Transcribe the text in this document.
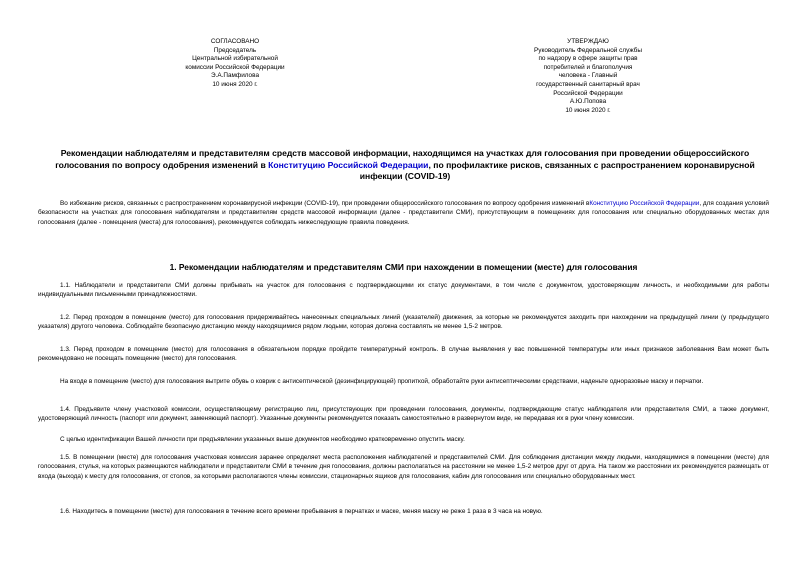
СОГЛАСОВАНО
Председатель
Центральной избирательной
комиссии Российской Федерации
Э.А.Памфилова
10 июня 2020 г.
УТВЕРЖДАЮ
Руководитель Федеральной службы
по надзору в сфере защиты прав
потребителей и благополучия
человека - Главный
государственный санитарный врач
Российской Федерации
А.Ю.Попова
10 июня 2020 г.
Рекомендации наблюдателям и представителям средств массовой информации, находящимся на участках для голосования при проведении общероссийского голосования по вопросу одобрения изменений в Конституцию Российской Федерации, по профилактике рисков, связанных с распространением коронавирусной инфекции (COVID-19)
Во избежание рисков, связанных с распространением коронавирусной инфекции (COVID-19), при проведении общероссийского голосования по вопросу одобрения изменений вКонституцию Российской Федерации, для создания условий безопасности на участках для голосования наблюдателям и представителям средств массовой информации (далее - представители СМИ), присутствующим в помещениях для голосования или специально оборудованных местах для голосования (далее - помещения (места) для голосования), рекомендуется соблюдать нижеследующие правила поведения.
1. Рекомендации наблюдателям и представителям СМИ при нахождении в помещении (месте) для голосования
1.1. Наблюдатели и представители СМИ должны прибывать на участок для голосования с подтверждающими их статус документами, в том числе с документом, удостоверяющим личность, и необходимыми для работы индивидуальными письменными принадлежностями.
1.2. Перед проходом в помещение (место) для голосования придерживайтесь нанесенных специальных линий (указателей) движения, за которые не рекомендуется заходить при нахождении на предыдущей линии (у предыдущего указателя) другого человека. Соблюдайте безопасную дистанцию между находящимися рядом людьми, которая должна составлять не менее 1,5-2 метров.
1.3. Перед проходом в помещение (место) для голосования в обязательном порядке пройдите температурный контроль. В случае выявления у вас повышенной температуры или иных признаков заболевания Вам может быть рекомендовано не посещать помещение (место) для голосования.
На входе в помещение (место) для голосования вытрите обувь о коврик с антисептической (дезинфицирующей) пропиткой, обработайте руки антисептическими средствами, наденьте одноразовые маску и перчатки.
1.4. Предъявите члену участковой комиссии, осуществляющему регистрацию лиц, присутствующих при проведении голосования, документы, подтверждающие статус наблюдателя или представителя СМИ, а также документ, удостоверяющий личность (паспорт или документ, заменяющий паспорт). Указанные документы рекомендуется показать самостоятельно в развернутом виде, не передавая их в руки члену комиссии.
С целью идентификации Вашей личности при предъявлении указанных выше документов необходимо кратковременно опустить маску.
1.5. В помещении (месте) для голосования участковая комиссия заранее определяет места расположения наблюдателей и представителей СМИ. Для соблюдения дистанции между людьми, находящимися в помещении (месте) для голосования, стулья, на которых размещаются наблюдатели и представители СМИ в течение дня голосования, должны располагаться на расстоянии не менее 1,5-2 метров друг от друга. На таком же расстоянии их рекомендуется размещать от входа (выхода) к месту для голосования, от столов, за которыми располагаются члены комиссии, стационарных ящиков для голосования, кабин для голосования или специально оборудованных мест.
1.6. Находитесь в помещении (месте) для голосования в течение всего времени пребывания в перчатках и маске, меняя маску не реже 1 раза в 3 часа на новую.
